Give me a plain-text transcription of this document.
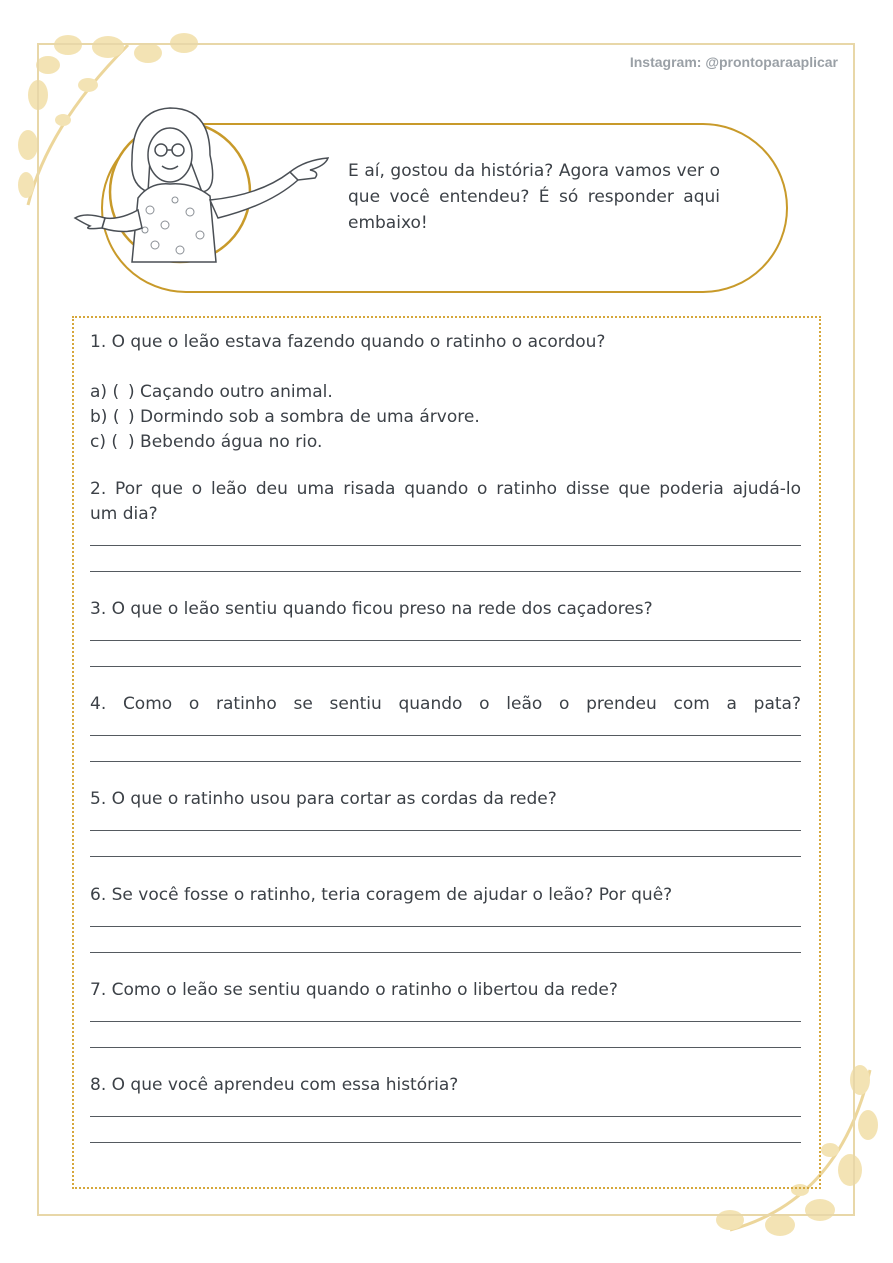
Instagram: @prontoparaaplicar
E aí, gostou da história? Agora vamos ver o que você entendeu? É só responder aqui embaixo!
1. O que o leão estava fazendo quando o ratinho o acordou?
a) ( ) Caçando outro animal.
b) ( ) Dormindo sob a sombra de uma árvore.
c) ( ) Bebendo água no rio.
2. Por que o leão deu uma risada quando o ratinho disse que poderia ajudá-lo
um dia?
3. O que o leão sentiu quando ficou preso na rede dos caçadores?
4. Como o ratinho se sentiu quando o leão o prendeu com a pata?
5. O que o ratinho usou para cortar as cordas da rede?
6. Se você fosse o ratinho, teria coragem de ajudar o leão? Por quê?
7. Como o leão se sentiu quando o ratinho o libertou da rede?
8. O que você aprendeu com essa história?
